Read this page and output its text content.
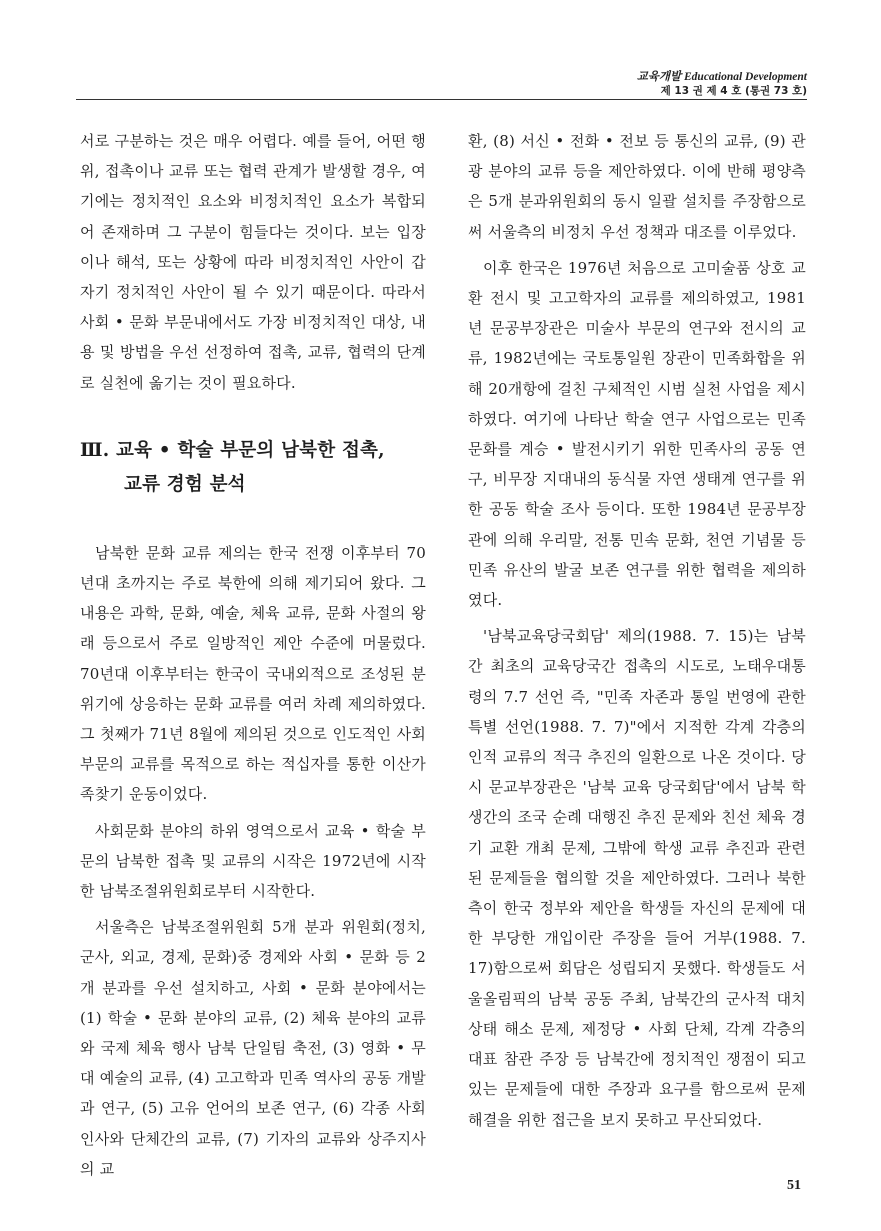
교육개발 Educational Development
제 13 권 제 4 호 (통권 73 호)

서로 구분하는 것은 매우 어렵다. 예를 들어, 어떤 행위, 접촉이나 교류 또는 협력 관계가 발생할 경우, 여기에는 정치적인 요소와 비정치적인 요소가 복합되어 존재하며 그 구분이 힘들다는 것이다. 보는 입장이나 해석, 또는 상황에 따라 비정치적인 사안이 갑자기 정치적인 사안이 될 수 있기 때문이다. 따라서 사회 • 문화 부문내에서도 가장 비정치적인 대상, 내용 및 방법을 우선 선정하여 접촉, 교류, 협력의 단계로 실천에 옮기는 것이 필요하다.

Ⅲ. 교육 • 학술 부문의 남북한 접촉,
교류 경험 분석

남북한 문화 교류 제의는 한국 전쟁 이후부터 70년대 초까지는 주로 북한에 의해 제기되어 왔다. 그 내용은 과학, 문화, 예술, 체육 교류, 문화 사절의 왕래 등으로서 주로 일방적인 제안 수준에 머물렀다. 70년대 이후부터는 한국이 국내외적으로 조성된 분위기에 상응하는 문화 교류를 여러 차례 제의하였다. 그 첫째가 71년 8월에 제의된 것으로 인도적인 사회 부문의 교류를 목적으로 하는 적십자를 통한 이산가족찾기 운동이었다.

사회문화 분야의 하위 영역으로서 교육 • 학술 부문의 남북한 접촉 및 교류의 시작은 1972년에 시작한 남북조절위원회로부터 시작한다.

서울측은 남북조절위원회 5개 분과 위원회(정치, 군사, 외교, 경제, 문화)중 경제와 사회 • 문화 등 2개 분과를 우선 설치하고, 사회 • 문화 분야에서는 (1) 학술 • 문화 분야의 교류, (2) 체육 분야의 교류와 국제 체육 행사 남북 단일팀 축전, (3) 영화 • 무대 예술의 교류, (4) 고고학과 민족 역사의 공동 개발과 연구, (5) 고유 언어의 보존 연구, (6) 각종 사회 인사와 단체간의 교류, (7) 기자의 교류와 상주지사의 교

환, (8) 서신 • 전화 • 전보 등 통신의 교류, (9) 관광 분야의 교류 등을 제안하였다. 이에 반해 평양측은 5개 분과위원회의 동시 일괄 설치를 주장함으로써 서울측의 비정치 우선 정책과 대조를 이루었다.

이후 한국은 1976년 처음으로 고미술품 상호 교환 전시 및 고고학자의 교류를 제의하였고, 1981년 문공부장관은 미술사 부문의 연구와 전시의 교류, 1982년에는 국토통일원 장관이 민족화합을 위해 20개항에 걸친 구체적인 시범 실천 사업을 제시하였다. 여기에 나타난 학술 연구 사업으로는 민족 문화를 계승 • 발전시키기 위한 민족사의 공동 연구, 비무장 지대내의 동식물 자연 생태계 연구를 위한 공동 학술 조사 등이다. 또한 1984년 문공부장관에 의해 우리말, 전통 민속 문화, 천연 기념물 등 민족 유산의 발굴 보존 연구를 위한 협력을 제의하였다.

'남북교육당국회담' 제의(1988. 7. 15)는 남북간 최초의 교육당국간 접촉의 시도로, 노태우대통령의 7.7 선언 즉, "민족 자존과 통일 번영에 관한 특별 선언(1988. 7. 7)"에서 지적한 각계 각층의 인적 교류의 적극 추진의 일환으로 나온 것이다. 당시 문교부장관은 '남북 교육 당국회담'에서 남북 학생간의 조국 순례 대행진 추진 문제와 친선 체육 경기 교환 개최 문제, 그밖에 학생 교류 추진과 관련된 문제들을 협의할 것을 제안하였다. 그러나 북한측이 한국 정부와 제안을 학생들 자신의 문제에 대한 부당한 개입이란 주장을 들어 거부(1988. 7. 17)함으로써 회담은 성립되지 못했다. 학생들도 서울올림픽의 남북 공동 주최, 남북간의 군사적 대치 상태 해소 문제, 제정당 • 사회 단체, 각계 각층의 대표 참관 주장 등 남북간에 정치적인 쟁점이 되고 있는 문제들에 대한 주장과 요구를 함으로써 문제 해결을 위한 접근을 보지 못하고 무산되었다.

51
